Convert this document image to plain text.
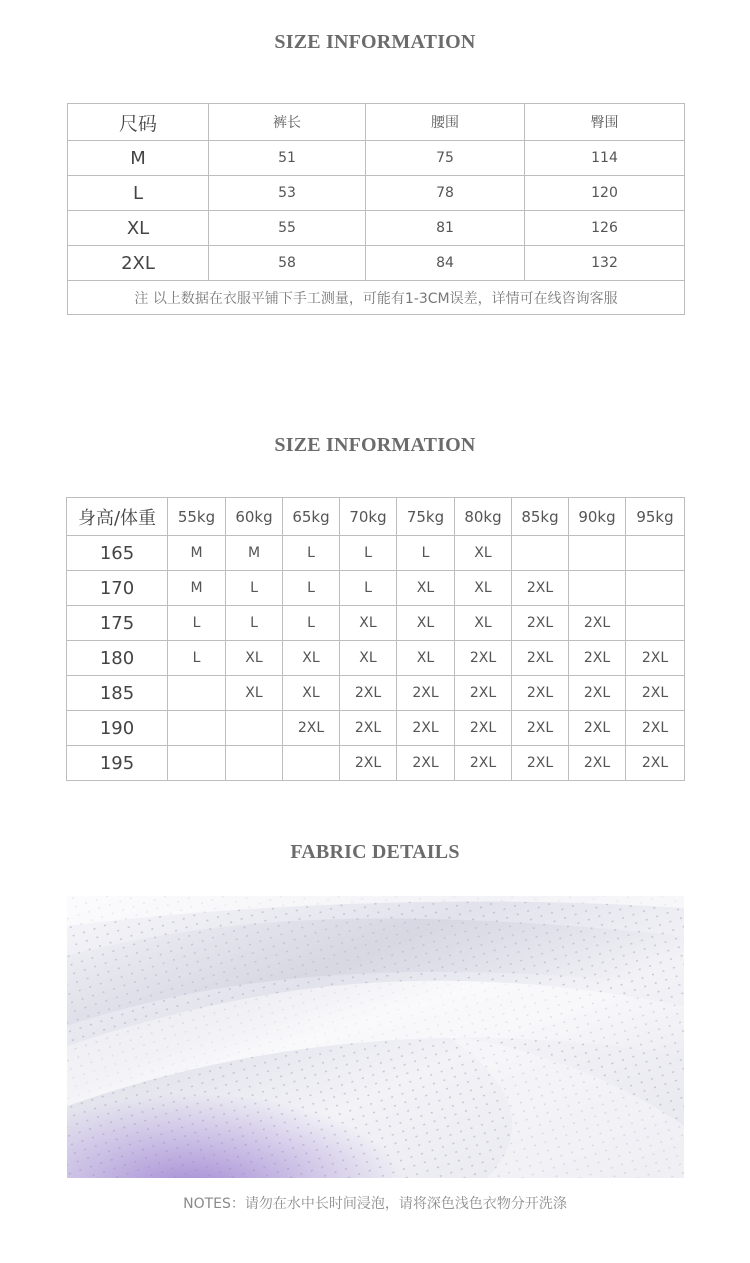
SIZE INFORMATION
尺码	裤长	腰围	臀围
M	51	75	114
L	53	78	120
XL	55	81	126
2XL	58	84	132
注 以上数据在衣服平铺下手工测量，可能有1-3CM误差，详情可在线咨询客服			
SIZE INFORMATION
身高/体重	55kg	60kg	65kg	70kg	75kg	80kg	85kg	90kg	95kg
165	M	M	L	L	L	XL			
170	M	L	L	L	XL	XL	2XL		
175	L	L	L	XL	XL	XL	2XL	2XL	
180	L	XL	XL	XL	XL	2XL	2XL	2XL	2XL
185		XL	XL	2XL	2XL	2XL	2XL	2XL	2XL
190			2XL	2XL	2XL	2XL	2XL	2XL	2XL
195				2XL	2XL	2XL	2XL	2XL	2XL
FABRIC DETAILS
NOTES：请勿在水中长时间浸泡，请将深色浅色衣物分开洗涤
